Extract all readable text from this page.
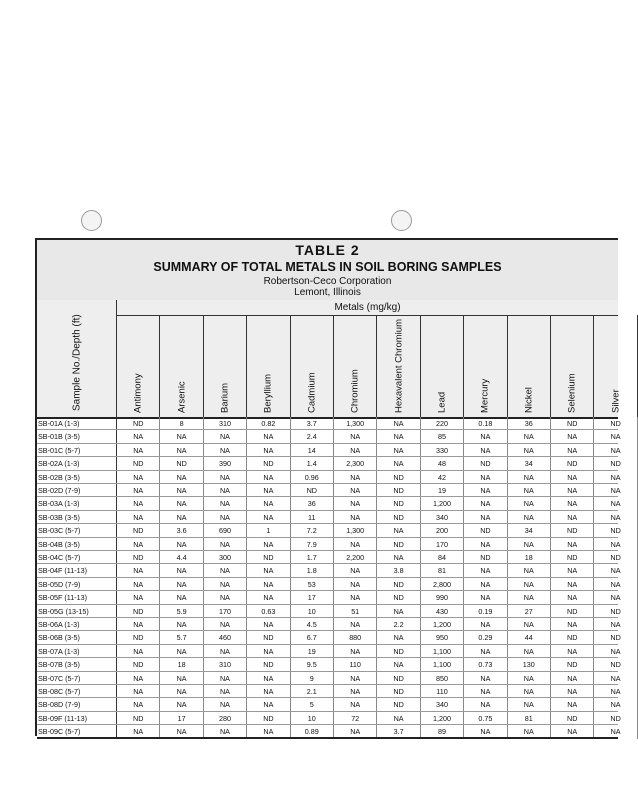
TABLE 2
SUMMARY OF TOTAL METALS IN SOIL BORING SAMPLES
Robertson-Ceco Corporation
Lemont, Illinois
Sample No./Depth (ft)
Metals (mg/kg)
Antimony	Arsenic	Barium	Beryllium	Cadmium	Chromium	Hexavalent Chromium	Lead	Mercury	Nickel	Selenium	Silver
SB-01A (1-3)	ND	8	310	0.82	3.7	1,300	NA	220	0.18	36	ND	ND
SB-01B (3-5)	NA	NA	NA	NA	2.4	NA	NA	85	NA	NA	NA	NA
SB-01C (5-7)	NA	NA	NA	NA	14	NA	NA	330	NA	NA	NA	NA
SB-02A (1-3)	ND	ND	390	ND	1.4	2,300	NA	48	ND	34	ND	ND
SB-02B (3-5)	NA	NA	NA	NA	0.96	NA	ND	42	NA	NA	NA	NA
SB-02D (7-9)	NA	NA	NA	NA	ND	NA	ND	19	NA	NA	NA	NA
SB-03A (1-3)	NA	NA	NA	NA	36	NA	ND	1,200	NA	NA	NA	NA
SB-03B (3-5)	NA	NA	NA	NA	11	NA	ND	340	NA	NA	NA	NA
SB-03C (5-7)	ND	3.6	690	1	7.2	1,300	NA	200	ND	34	ND	ND
SB-04B (3-5)	NA	NA	NA	NA	7.9	NA	ND	170	NA	NA	NA	NA
SB-04C (5-7)	ND	4.4	300	ND	1.7	2,200	NA	84	ND	18	ND	ND
SB-04F (11-13)	NA	NA	NA	NA	1.8	NA	3.8	81	NA	NA	NA	NA
SB-05D (7-9)	NA	NA	NA	NA	53	NA	ND	2,800	NA	NA	NA	NA
SB-05F (11-13)	NA	NA	NA	NA	17	NA	ND	990	NA	NA	NA	NA
SB-05G (13-15)	ND	5.9	170	0.63	10	51	NA	430	0.19	27	ND	ND
SB-06A (1-3)	NA	NA	NA	NA	4.5	NA	2.2	1,200	NA	NA	NA	NA
SB-06B (3-5)	ND	5.7	460	ND	6.7	880	NA	950	0.29	44	ND	ND
SB-07A (1-3)	NA	NA	NA	NA	19	NA	ND	1,100	NA	NA	NA	NA
SB-07B (3-5)	ND	18	310	ND	9.5	110	NA	1,100	0.73	130	ND	ND
SB-07C (5-7)	NA	NA	NA	NA	9	NA	ND	850	NA	NA	NA	NA
SB-08C (5-7)	NA	NA	NA	NA	2.1	NA	ND	110	NA	NA	NA	NA
SB-08D (7-9)	NA	NA	NA	NA	5	NA	ND	340	NA	NA	NA	NA
SB-09F (11-13)	ND	17	280	ND	10	72	NA	1,200	0.75	81	ND	ND
SB-09C (5-7)	NA	NA	NA	NA	0.89	NA	3.7	89	NA	NA	NA	NA
